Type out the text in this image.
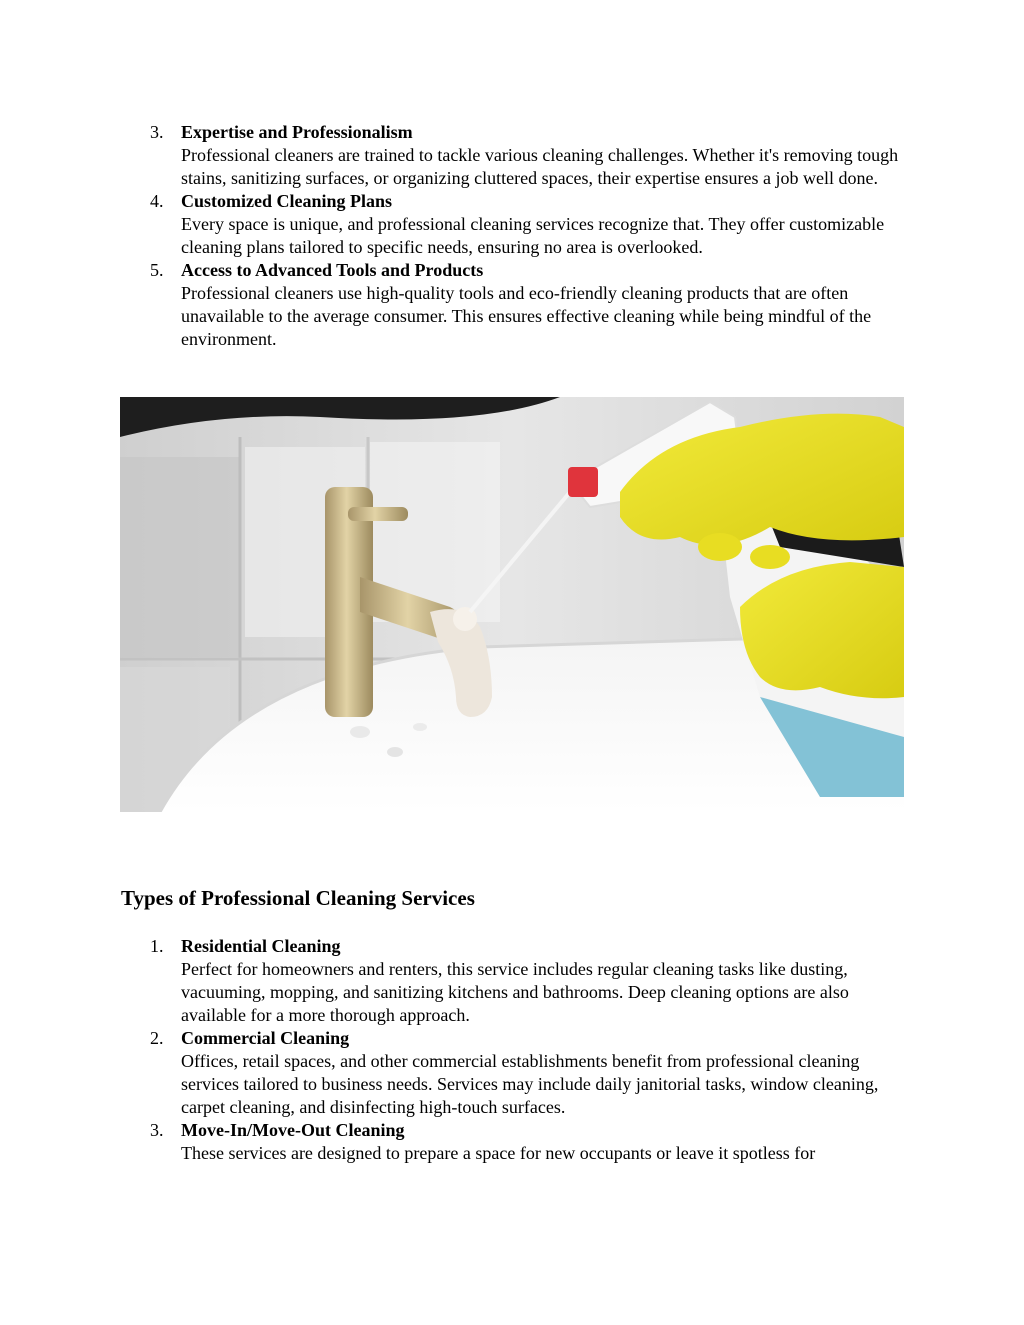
3. Expertise and Professionalism
Professional cleaners are trained to tackle various cleaning challenges. Whether it's removing tough stains, sanitizing surfaces, or organizing cluttered spaces, their expertise ensures a job well done.
4. Customized Cleaning Plans
Every space is unique, and professional cleaning services recognize that. They offer customizable cleaning plans tailored to specific needs, ensuring no area is overlooked.
5. Access to Advanced Tools and Products
Professional cleaners use high-quality tools and eco-friendly cleaning products that are often unavailable to the average consumer. This ensures effective cleaning while being mindful of the environment.
Types of Professional Cleaning Services
1. Residential Cleaning
Perfect for homeowners and renters, this service includes regular cleaning tasks like dusting, vacuuming, mopping, and sanitizing kitchens and bathrooms. Deep cleaning options are also available for a more thorough approach.
2. Commercial Cleaning
Offices, retail spaces, and other commercial establishments benefit from professional cleaning services tailored to business needs. Services may include daily janitorial tasks, window cleaning, carpet cleaning, and disinfecting high-touch surfaces.
3. Move-In/Move-Out Cleaning
These services are designed to prepare a space for new occupants or leave it spotless for
